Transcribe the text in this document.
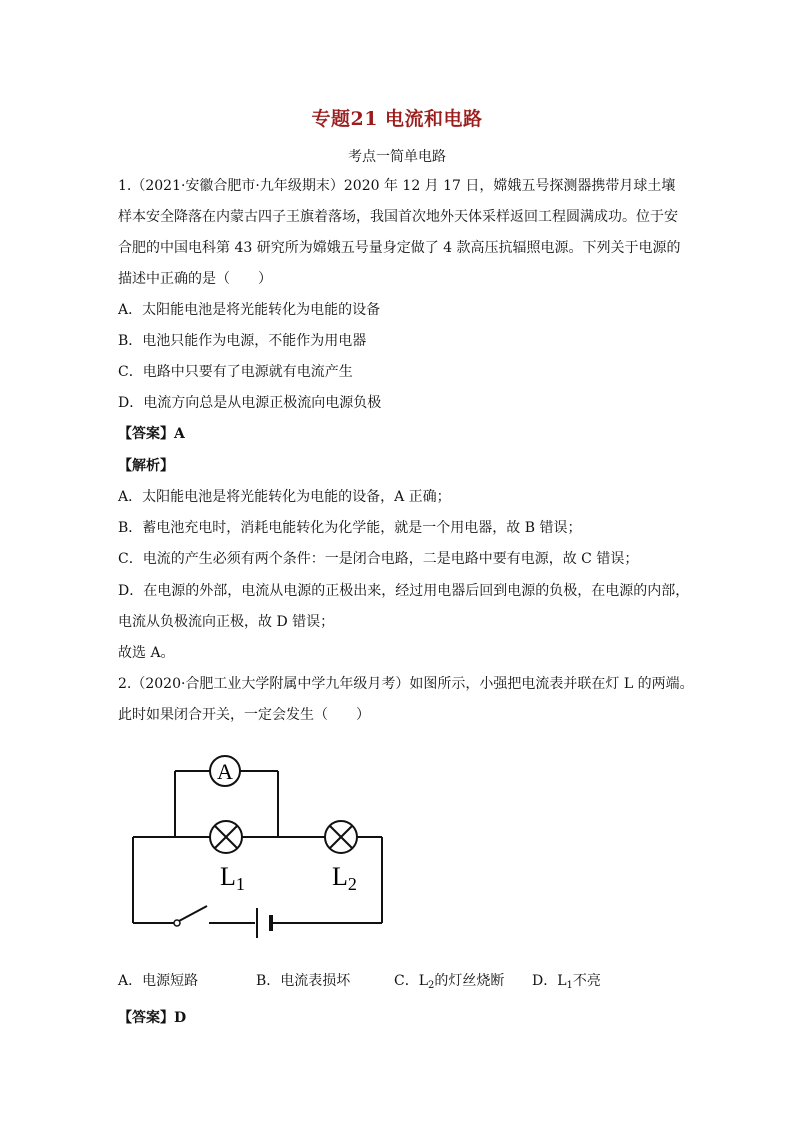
专题21 电流和电路
考点一简单电路
1.（2021·安徽合肥市·九年级期末）2020 年 12 月 17 日，嫦娥五号探测器携带月球土壤
样本安全降落在内蒙古四子王旗着落场，我国首次地外天体采样返回工程圆满成功。位于安
合肥的中国电科第 43 研究所为嫦娥五号量身定做了 4 款高压抗辐照电源。下列关于电源的
描述中正确的是（　　）
A．太阳能电池是将光能转化为电能的设备
B．电池只能作为电源，不能作为用电器
C．电路中只要有了电源就有电流产生
D．电流方向总是从电源正极流向电源负极
【答案】A
【解析】
A．太阳能电池是将光能转化为电能的设备，A 正确；
B．蓄电池充电时，消耗电能转化为化学能，就是一个用电器，故 B 错误；
C．电流的产生必须有两个条件：一是闭合电路，二是电路中要有电源，故 C 错误；
D．在电源的外部，电流从电源的正极出来，经过用电器后回到电源的负极，在电源的内部，
电流从负极流向正极，故 D 错误；
故选 A。
2.（2020·合肥工业大学附属中学九年级月考）如图所示，小强把电流表并联在灯 L 的两端。
此时如果闭合开关，一定会发生（　　）
A
L1	L2
A．电源短路	B．电流表损坏	C．$L_2$的灯丝烧断 D．$L_1$不亮
【答案】D
